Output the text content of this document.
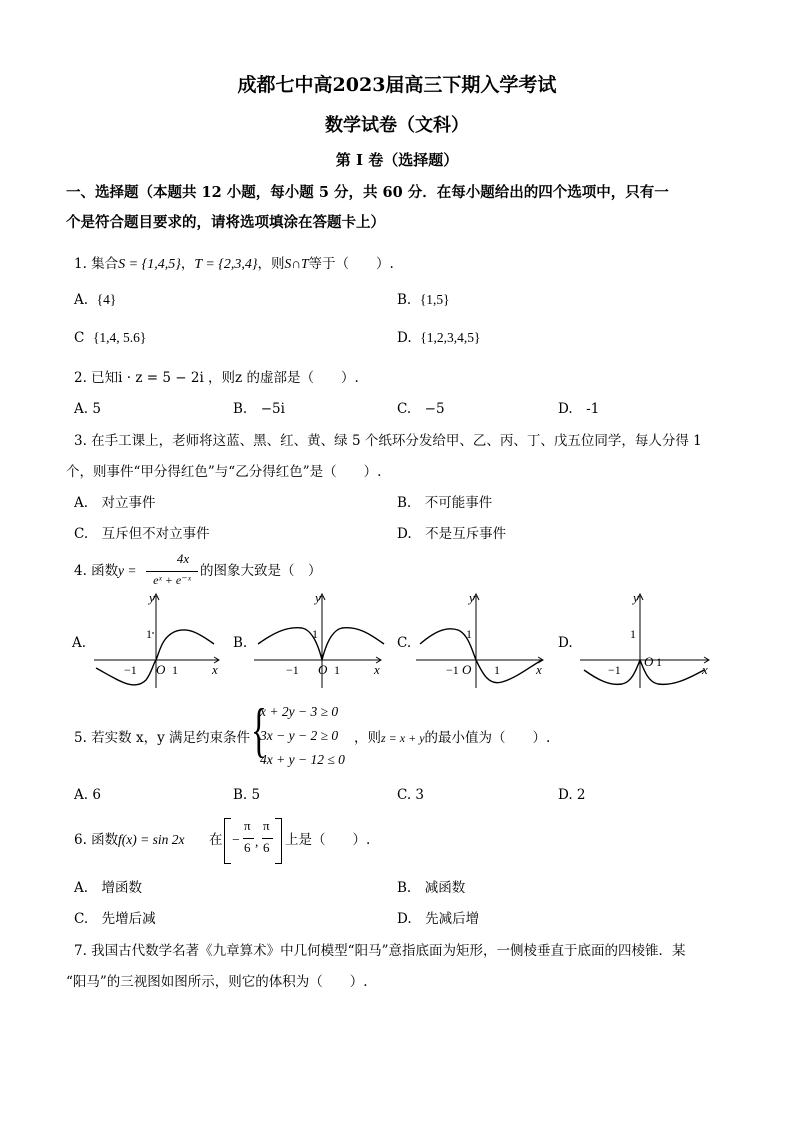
成都七中高2023届高三下期入学考试
数学试卷（文科）
第 I 卷（选择题）
一、选择题（本题共 12 小题，每小题 5 分，共 60 分．在每小题给出的四个选项中，只有一
个是符合题目要求的，请将选项填涂在答题卡上）
1. 集合S = {1,4,5}，T = {2,3,4}，则S∩T等于（　　）.
A. {4}	B. {1,5}
C {1,4, 5.6}	D. {1,2,3,4,5}
2. 已知i · z = 5 − 2i ，则z 的虚部是（　　）.
A. 5	B.　−5i	C.　−5	D.　-1
3. 在手工课上，老师将这蓝、黑、红、黄、绿 5 个纸环分发给甲、乙、丙、丁、戊五位同学，每人分得 1
个，则事件“甲分得红色”与“乙分得红色”是（　　）.
A.　对立事件	B.　不可能事件
C.　互斥但不对立事件	D.　不是互斥事件
4. 函数 y =
4x
eˣ + e⁻ˣ
的图象大致是（　）
A.	B.	C.	D.
y
x
1
−1 O 1
y
x
1
−1 O 1
y
x
1
−1 O 1
y
x
1
−1
O 1
5. 若实数 x，y 满足约束条件 {
x + 2y − 3 ≥ 0
3x − y − 2 ≥ 0
4x + y − 12 ≤ 0
，则z = x + y的最小值为（　　）.
A. 6	B. 5	C. 3	D. 2
6. 函数 f(x) = sin 2x 在 −
π
6 ,
π
6 上是（　　）.
A.　增函数	B.　减函数
C.　先增后减	D.　先减后增
7. 我国古代数学名著《九章算术》中几何模型“阳马”意指底面为矩形，一侧棱垂直于底面的四棱锥．某
“阳马”的三视图如图所示，则它的体积为（　　）.
